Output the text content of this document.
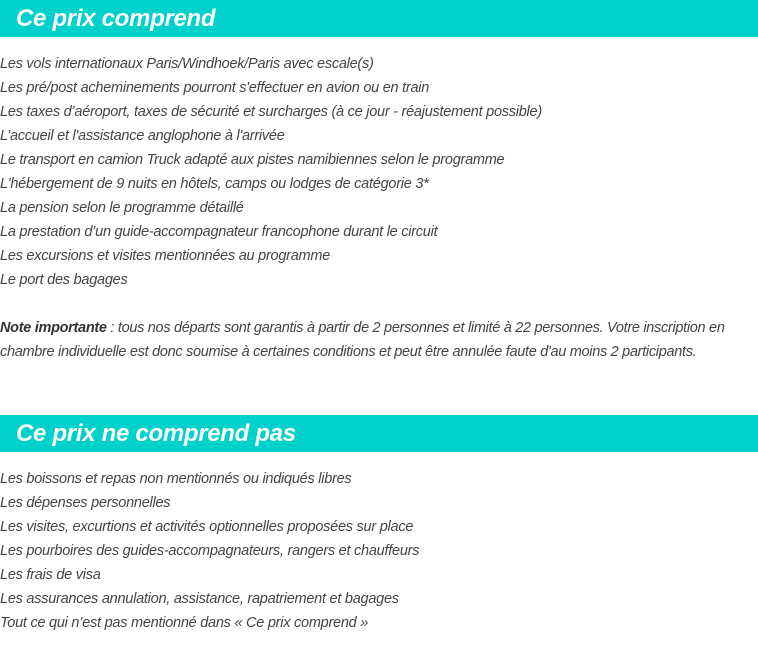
Ce prix comprend
Les vols internationaux Paris/Windhoek/Paris avec escale(s)
Les pré/post acheminements pourront s'effectuer en avion ou en train
Les taxes d’aéroport, taxes de sécurité et surcharges (à ce jour - réajustement possible)
L’accueil et l'assistance anglophone à l'arrivée
Le transport en camion Truck adapté aux pistes namibiennes selon le programme
L'hébergement de 9 nuits en hôtels, camps ou lodges de catégorie 3*
La pension selon le programme détaillé
La prestation d’un guide-accompagnateur francophone durant le circuit
Les excursions et visites mentionnées au programme
Le port des bagages

Note importante : tous nos départs sont garantis à partir de 2 personnes et limité à 22 personnes. Votre inscription en chambre individuelle est donc soumise à certaines conditions et peut être annulée faute d'au moins 2 participants.

Ce prix ne comprend pas
Les boissons et repas non mentionnés ou indiqués libres
Les dépenses personnelles
Les visites, excurtions et activités optionnelles proposées sur place
Les pourboires des guides-accompagnateurs, rangers et chauffeurs
Les frais de visa
Les assurances annulation, assistance, rapatriement et bagages
Tout ce qui n’est pas mentionné dans « Ce prix comprend »
